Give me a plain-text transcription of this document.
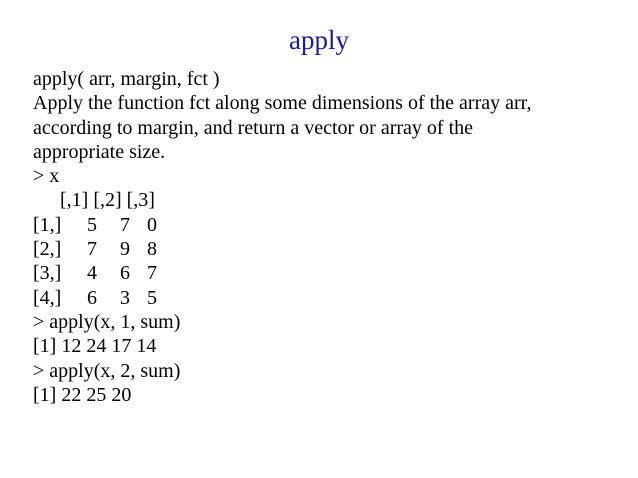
apply
apply( arr, margin, fct )
Apply the function fct along some dimensions of the array arr,
according to margin, and return a vector or array of the
appropriate size.
> x
[,1] [,2] [,3]
[1,] 5 7 0
[2,] 7 9 8
[3,] 4 6 7
[4,] 6 3 5
> apply(x, 1, sum)
[1] 12 24 17 14
> apply(x, 2, sum)
[1] 22 25 20
